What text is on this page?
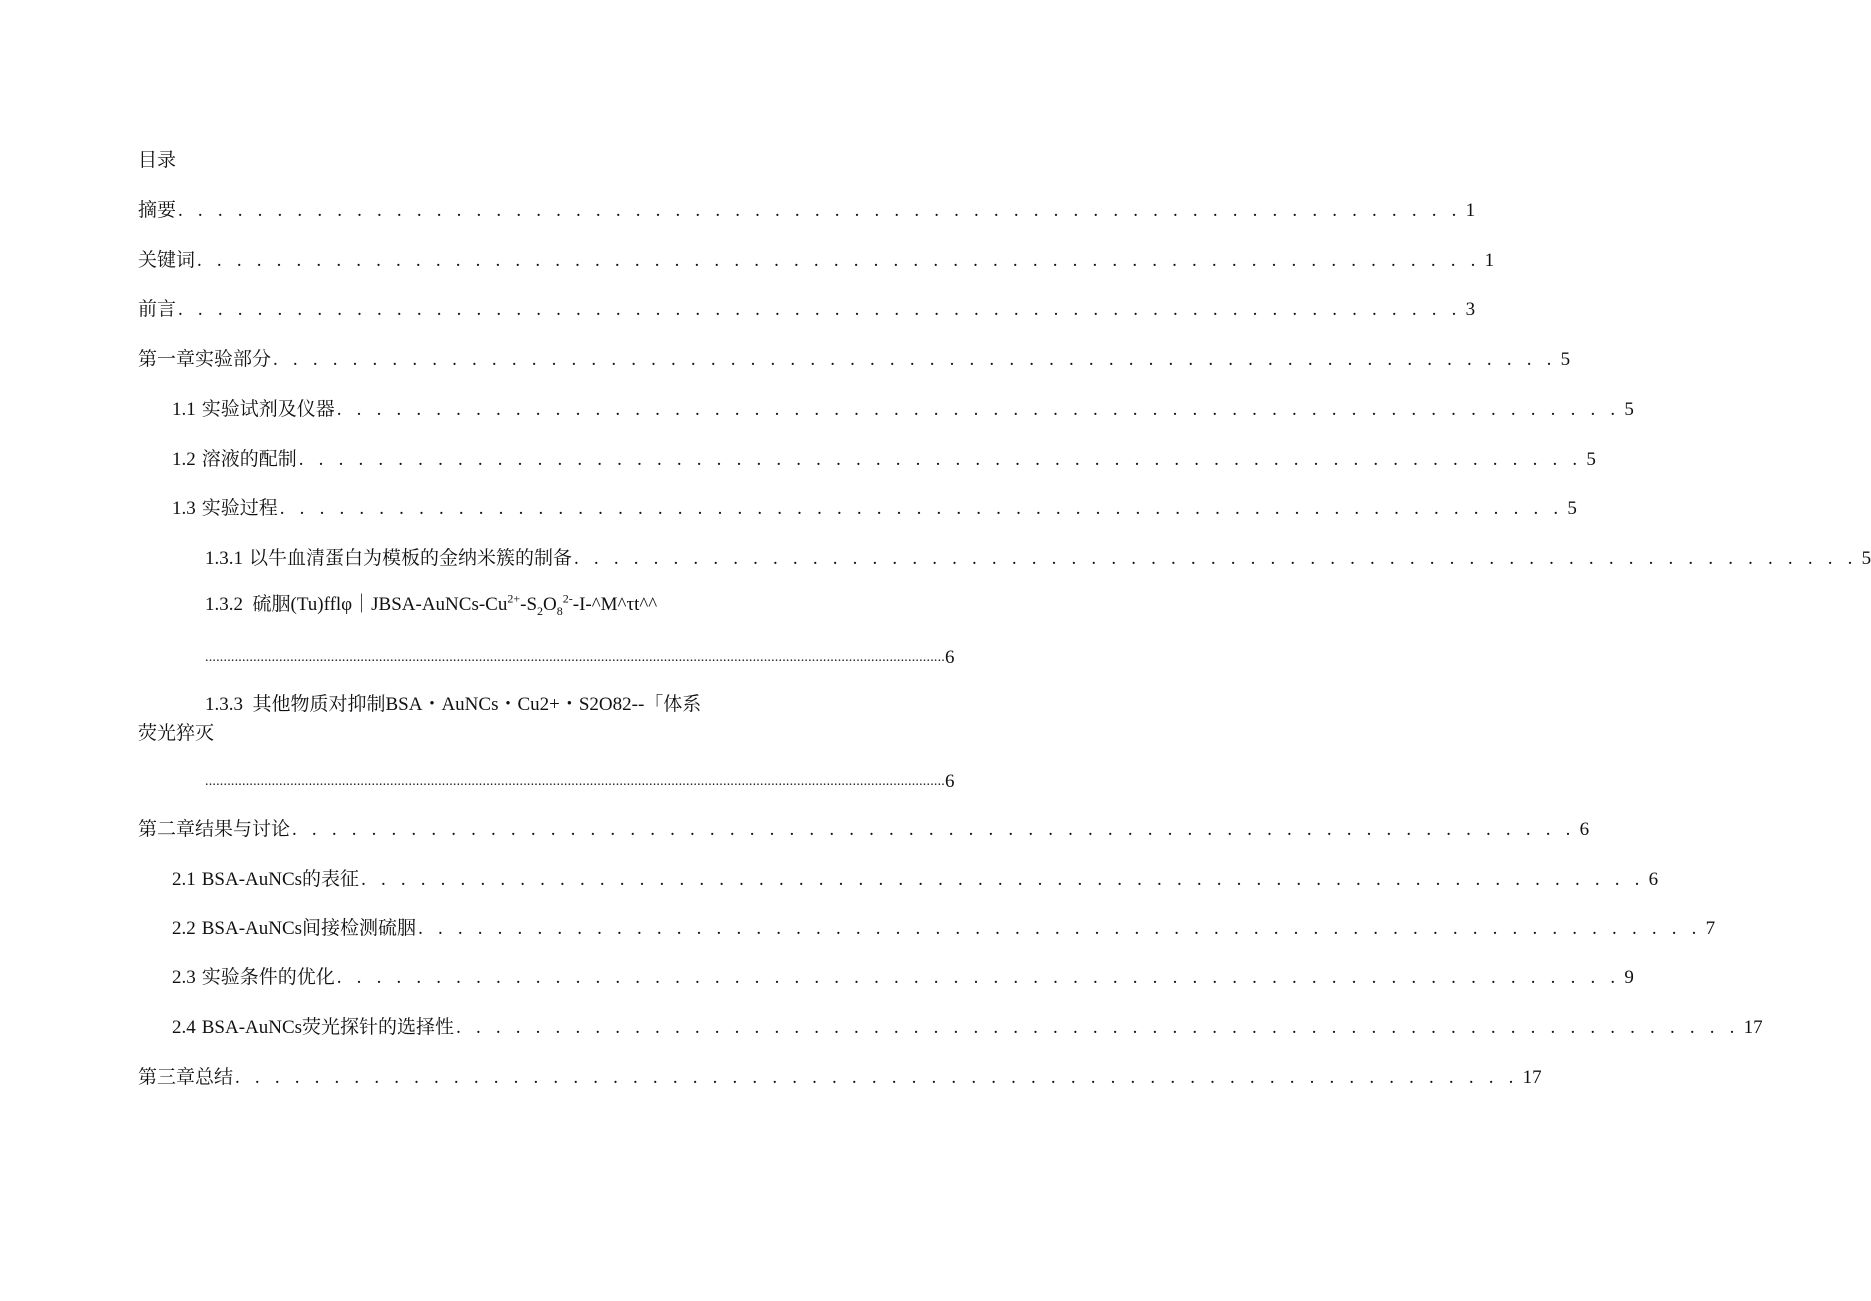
目录
摘要 . . . . . . . . . . . . . . . . . . . . . . . . . . . . . . . . . . . . . . . . . . . . . . . . . . . . . . . . . . . . . . . . . 1
关键词 . . . . . . . . . . . . . . . . . . . . . . . . . . . . . . . . . . . . . . . . . . . . . . . . . . . . . . . . . . . . . . . . . 1
前言 . . . . . . . . . . . . . . . . . . . . . . . . . . . . . . . . . . . . . . . . . . . . . . . . . . . . . . . . . . . . . . . . . 3
第一章实验部分 . . . . . . . . . . . . . . . . . . . . . . . . . . . . . . . . . . . . . . . . . . . . . . . . . . . . . . . . . . . . . . . . . 5
1.1 实验试剂及仪器 . . . . . . . . . . . . . . . . . . . . . . . . . . . . . . . . . . . . . . . . . . . . . . . . . . . . . . . . . . . . . . . . . 5
1.2 溶液的配制 . . . . . . . . . . . . . . . . . . . . . . . . . . . . . . . . . . . . . . . . . . . . . . . . . . . . . . . . . . . . . . . . . 5
1.3 实验过程 . . . . . . . . . . . . . . . . . . . . . . . . . . . . . . . . . . . . . . . . . . . . . . . . . . . . . . . . . . . . . . . . . 5
1.3.1 以牛血清蛋白为模板的金纳米簇的制备 . . . . . . . . . . . . . . . . . . . . . . . . . . . . . . . . . . . . . . . . . . . . . . . . . . . . . . . . . . . . . . . . . 5
1.3.2 硫胭$(Tu)ffl\varphi|JBSA-AuNCs-Cu^{2+}-S_2O_8^{2-}-I-\^{}M\^{}\tau t\^{}\^{}$
........................................................................................................................................................................................................ 6
1.3.3 其他物质对抑制BSA・AuNCs・Cu2+・S2O82--「体系
荧光猝灭
........................................................................................................................................................................................................ 6
第二章结果与讨论 . . . . . . . . . . . . . . . . . . . . . . . . . . . . . . . . . . . . . . . . . . . . . . . . . . . . . . . . . . . . . . . . . 6
2.1 BSA-AuNCs的表征 . . . . . . . . . . . . . . . . . . . . . . . . . . . . . . . . . . . . . . . . . . . . . . . . . . . . . . . . . . . . . . . . . 6
2.2 BSA-AuNCs间接检测硫胭 . . . . . . . . . . . . . . . . . . . . . . . . . . . . . . . . . . . . . . . . . . . . . . . . . . . . . . . . . . . . . . . . . 7
2.3 实验条件的优化 . . . . . . . . . . . . . . . . . . . . . . . . . . . . . . . . . . . . . . . . . . . . . . . . . . . . . . . . . . . . . . . . . 9
2.4 BSA-AuNCs荧光探针的选择性 . . . . . . . . . . . . . . . . . . . . . . . . . . . . . . . . . . . . . . . . . . . . . . . . . . . . . . . . . . . . . . . . . 17
第三章总结 . . . . . . . . . . . . . . . . . . . . . . . . . . . . . . . . . . . . . . . . . . . . . . . . . . . . . . . . . . . . . . . . . 17
